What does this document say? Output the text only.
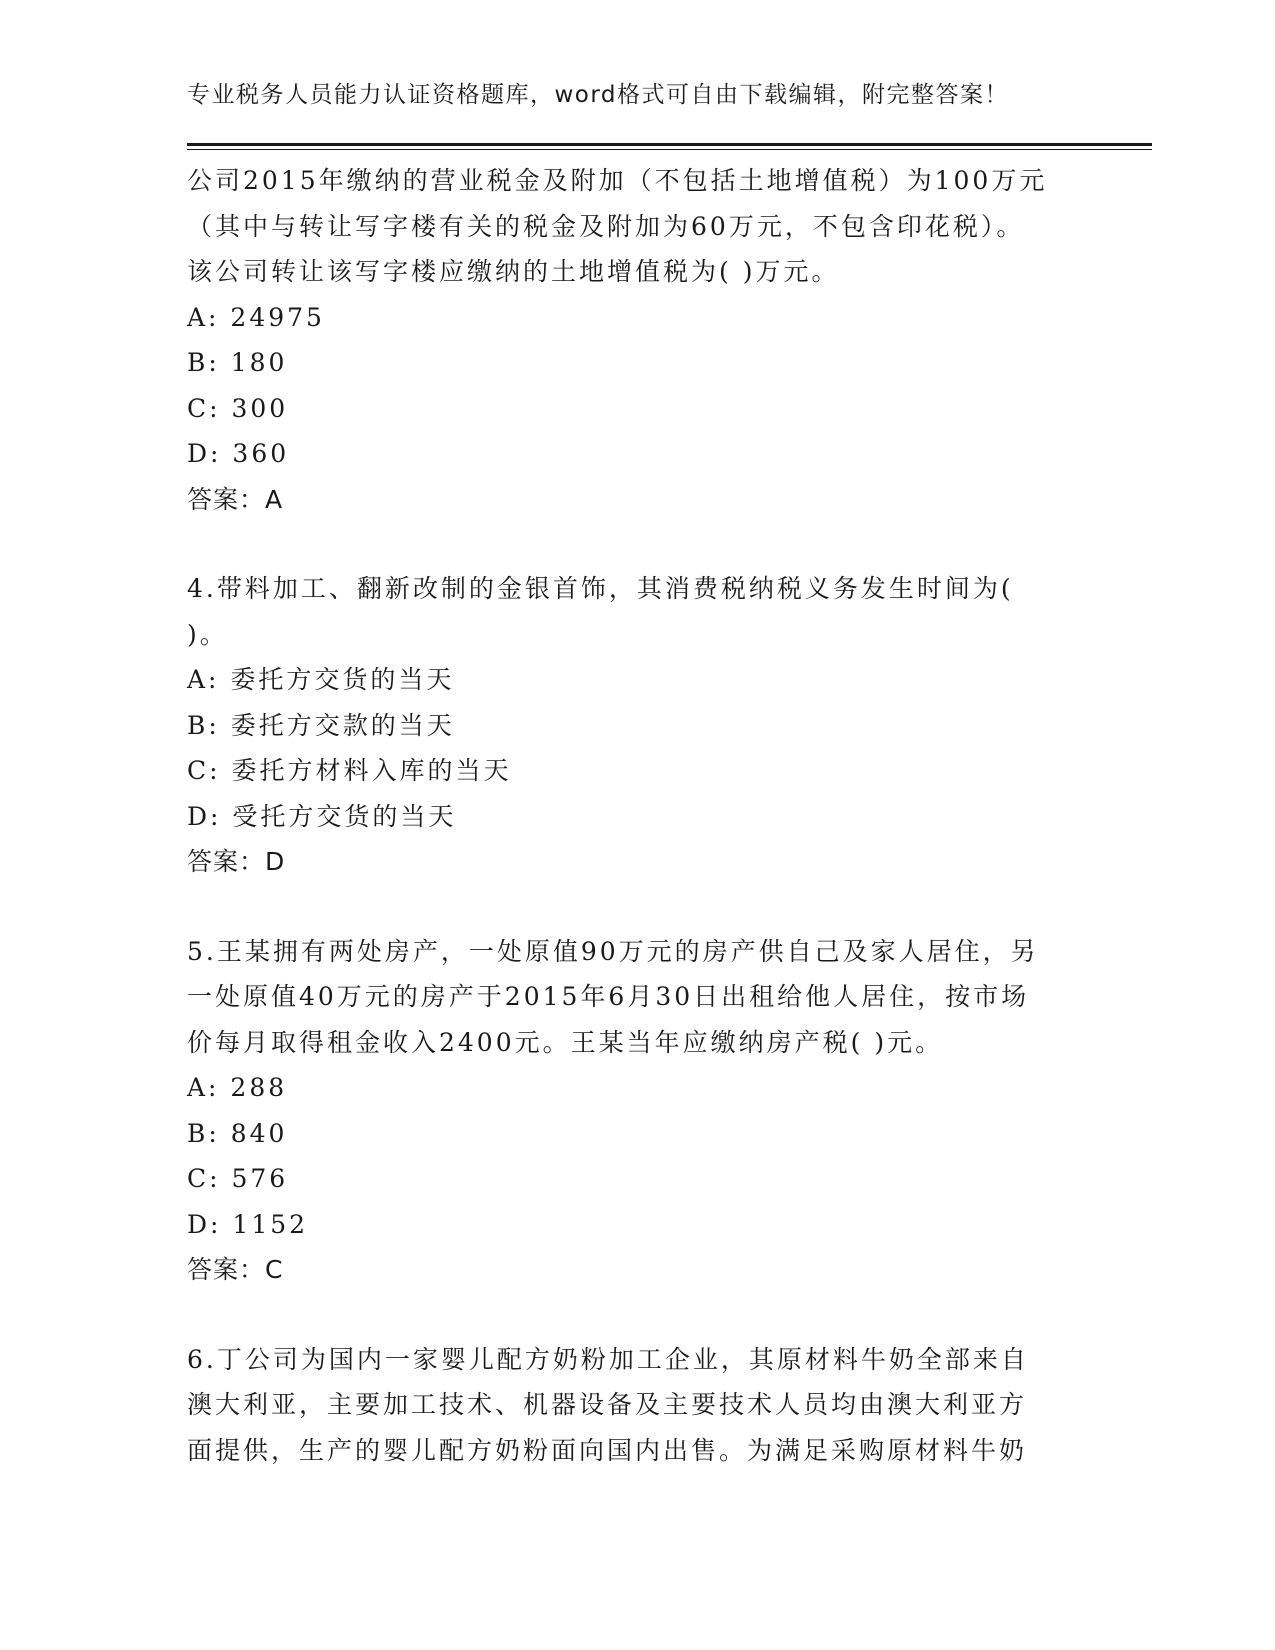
专业税务人员能力认证资格题库，word格式可自由下载编辑，附完整答案！
公司2015年缴纳的营业税金及附加（不包括土地增值税）为100万元
（其中与转让写字楼有关的税金及附加为60万元，不包含印花税）。
该公司转让该写字楼应缴纳的土地增值税为( )万元。
A: 24975
B: 180
C: 300
D: 360
答案：A
4.带料加工、翻新改制的金银首饰，其消费税纳税义务发生时间为(
)。
A: 委托方交货的当天
B: 委托方交款的当天
C: 委托方材料入库的当天
D: 受托方交货的当天
答案：D
5.王某拥有两处房产，一处原值90万元的房产供自己及家人居住，另
一处原值40万元的房产于2015年6月30日出租给他人居住，按市场
价每月取得租金收入2400元。王某当年应缴纳房产税( )元。
A: 288
B: 840
C: 576
D: 1152
答案：C
6.丁公司为国内一家婴儿配方奶粉加工企业，其原材料牛奶全部来自
澳大利亚，主要加工技术、机器设备及主要技术人员均由澳大利亚方
面提供，生产的婴儿配方奶粉面向国内出售。为满足采购原材料牛奶
